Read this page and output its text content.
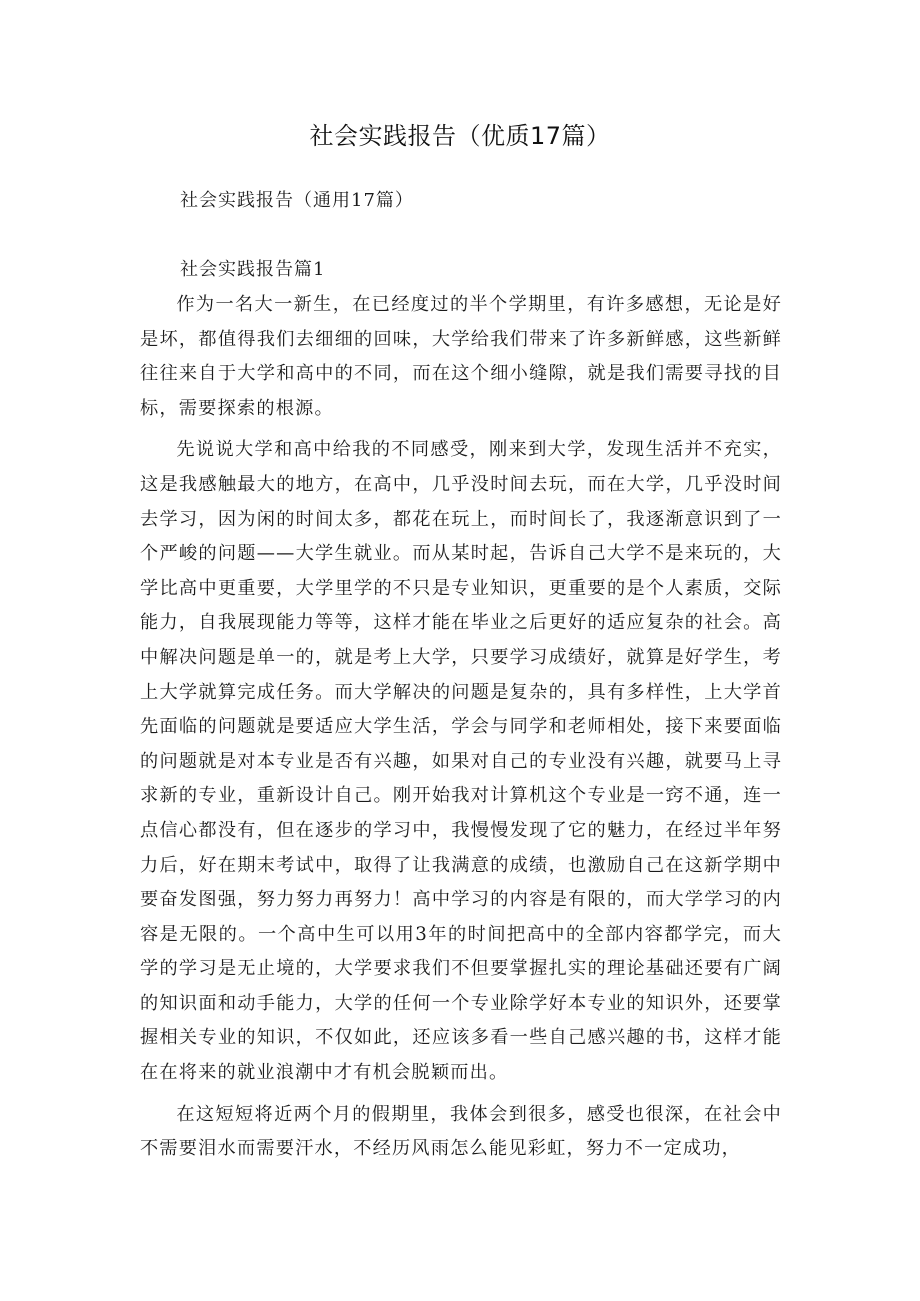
社会实践报告（优质17篇）
社会实践报告（通用17篇）
社会实践报告篇1

作为一名大一新生，在已经度过的半个学期里，有许多感想，无论是好是坏，都值得我们去细细的回味，大学给我们带来了许多新鲜感，这些新鲜往往来自于大学和高中的不同，而在这个细小缝隙，就是我们需要寻找的目标，需要探索的根源。

先说说大学和高中给我的不同感受，刚来到大学，发现生活并不充实，这是我感触最大的地方，在高中，几乎没时间去玩，而在大学，几乎没时间去学习，因为闲的时间太多，都花在玩上，而时间长了，我逐渐意识到了一个严峻的问题——大学生就业。而从某时起，告诉自己大学不是来玩的，大学比高中更重要，大学里学的不只是专业知识，更重要的是个人素质，交际能力，自我展现能力等等，这样才能在毕业之后更好的适应复杂的社会。高中解决问题是单一的，就是考上大学，只要学习成绩好，就算是好学生，考上大学就算完成任务。而大学解决的问题是复杂的，具有多样性，上大学首先面临的问题就是要适应大学生活，学会与同学和老师相处，接下来要面临的问题就是对本专业是否有兴趣，如果对自己的专业没有兴趣，就要马上寻求新的专业，重新设计自己。刚开始我对计算机这个专业是一窍不通，连一点信心都没有，但在逐步的学习中，我慢慢发现了它的魅力，在经过半年努力后，好在期末考试中，取得了让我满意的成绩，也激励自己在这新学期中要奋发图强，努力努力再努力！高中学习的内容是有限的，而大学学习的内容是无限的。一个高中生可以用3年的时间把高中的全部内容都学完，而大学的学习是无止境的，大学要求我们不但要掌握扎实的理论基础还要有广阔的知识面和动手能力，大学的任何一个专业除学好本专业的知识外，还要掌握相关专业的知识，不仅如此，还应该多看一些自己感兴趣的书，这样才能在在将来的就业浪潮中才有机会脱颖而出。

在这短短将近两个月的假期里，我体会到很多，感受也很深，在社会中不需要泪水而需要汗水，不经历风雨怎么能见彩虹，努力不一定成功，
